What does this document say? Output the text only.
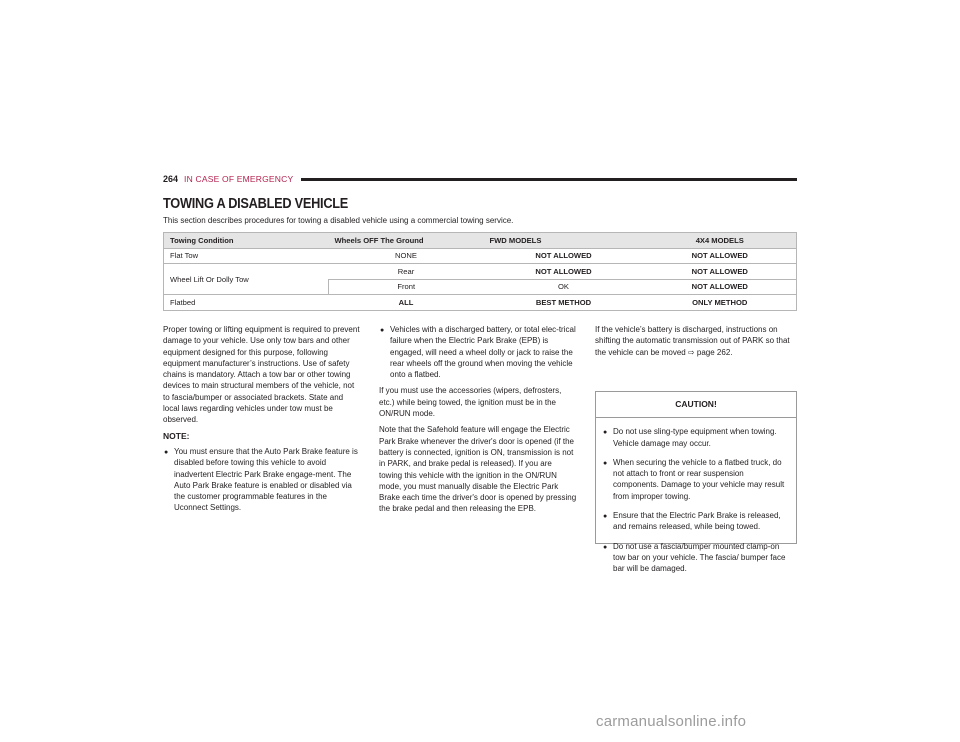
264 IN CASE OF EMERGENCY
TOWING A DISABLED VEHICLE

This section describes procedures for towing a disabled vehicle using a commercial towing service.

Towing Condition	Wheels OFF The Ground	FWD MODELS	4X4 MODELS
Flat Tow	NONE	NOT ALLOWED	NOT ALLOWED
Wheel Lift Or Dolly Tow	Rear	NOT ALLOWED	NOT ALLOWED
	Front	OK	NOT ALLOWED
Flatbed	ALL	BEST METHOD	ONLY METHOD

Proper towing or lifting equipment is required to prevent damage to your vehicle. Use only tow bars and other equipment designed for this purpose, following equipment manufacturer’s instructions. Use of safety chains is mandatory. Attach a tow bar or other towing devices to main structural members of the vehicle, not to fascia/bumper or associated brackets. State and local laws regarding vehicles under tow must be observed.

NOTE:
● You must ensure that the Auto Park Brake feature is disabled before towing this vehicle to avoid inadvertent Electric Park Brake engage-ment. The Auto Park Brake feature is enabled or disabled via the customer programmable features in the Uconnect Settings.
● Vehicles with a discharged battery, or total elec-trical failure when the Electric Park Brake (EPB) is engaged, will need a wheel dolly or jack to raise the rear wheels off the ground when moving the vehicle onto a flatbed.

If you must use the accessories (wipers, defrosters, etc.) while being towed, the ignition must be in the ON/RUN mode.

Note that the Safehold feature will engage the Electric Park Brake whenever the driver's door is opened (if the battery is connected, ignition is ON, transmission is not in PARK, and brake pedal is released). If you are towing this vehicle with the ignition in the ON/RUN mode, you must manually disable the Electric Park Brake each time the driver's door is opened by pressing the brake pedal and then releasing the EPB.

If the vehicle’s battery is discharged, instructions on shifting the automatic transmission out of PARK so that the vehicle can be moved ⇨ page 262.

CAUTION!
● Do not use sling-type equipment when towing. Vehicle damage may occur.
● When securing the vehicle to a flatbed truck, do not attach to front or rear suspension components. Damage to your vehicle may result from improper towing.
● Ensure that the Electric Park Brake is released, and remains released, while being towed.
● Do not use a fascia/bumper mounted clamp-on tow bar on your vehicle. The fascia/ bumper face bar will be damaged.
carmanualsonline.info
